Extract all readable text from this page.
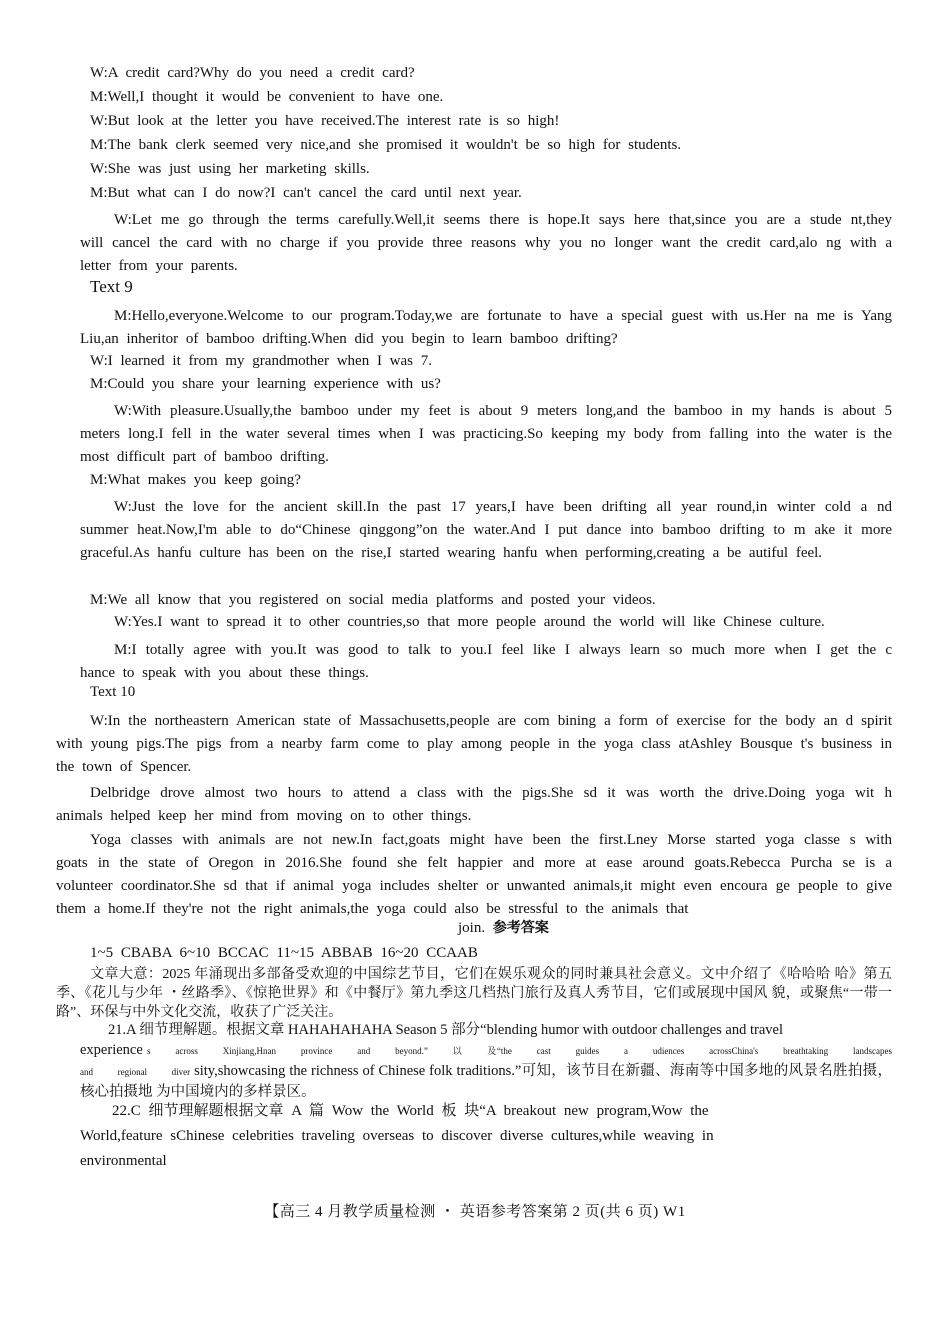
W:A credit card?Why do you need a credit card?
M:Well,I thought it would be convenient to have one.
W:But look at the letter you have received.The interest rate is so high!
M:The bank clerk seemed very nice,and she promised it wouldn't be so high for students.
W:She was just using her marketing skills.
M:But what can I do now?I can't cancel the card until next year.
W:Let me go through the terms carefully.Well,it seems there is hope.It says here that,since you are a stude nt,they will cancel the card with no charge if you provide three reasons why you no longer want the credit card,alo ng with a letter from your parents.
Text 9
M:Hello,everyone.Welcome to our program.Today,we are fortunate to have a special guest with us.Her na me is Yang Liu,an inheritor of bamboo drifting.When did you begin to learn bamboo drifting?
W:I learned it from my grandmother when I was 7.
M:Could you share your learning experience with us?
W:With pleasure.Usually,the bamboo under my feet is about 9 meters long,and the bamboo in my hands is about 5 meters long.I fell in the water several times when I was practicing.So keeping my body from falling into the water is the most difficult part of bamboo drifting.
M:What makes you keep going?
W:Just the love for the ancient skill.In the past 17 years,I have been drifting all year round,in winter cold a nd summer heat.Now,I'm able to do“Chinese qinggong”on the water.And I put dance into bamboo drifting to m ake it more graceful.As hanfu culture has been on the rise,I started wearing hanfu when performing,creating a be autiful feel.
M:We all know that you registered on social media platforms and posted your videos.
W:Yes.I want to spread it to other countries,so that more people around the world will like Chinese culture.
M:I totally agree with you.It was good to talk to you.I feel like I always learn so much more when I get the c hance to speak with you about these things.
Text 10
W:In the northeastern American state of Massachusetts,people are com bining a form of exercise for the body an d spirit with young pigs.The pigs from a nearby farm come to play among people in the yoga class atAshley Bousque t's business in the town of Spencer.
Delbridge drove almost two hours to attend a class with the pigs.She sd it was worth the drive.Doing yoga wit h animals helped keep her mind from moving on to other things.
Yoga classes with animals are not new.In fact,goats might have been the first.Lney Morse started yoga classe s with goats in the state of Oregon in 2016.She found she felt happier and more at ease around goats.Rebecca Purcha se is a volunteer coordinator.She sd that if animal yoga includes shelter or unwanted animals,it might even encoura ge people to give them a home.If they're not the right animals,the yoga could also be stressful to the animals that
join. 参考答案
1~5 CBABA 6~10 BCCAC 11~15 ABBAB 16~20 CCAAB
文章大意：2025 年涌现出多部备受欢迎的中国综艺节目，它们在娱乐观众的同时兼具社会意义。文中介绍了《哈哈哈 哈》第五季、《花儿与少年 ・丝路季》、《惊艳世界》和《中餐厅》第九季这几档热门旅行及真人秀节目，它们或展现中国风 貌，或聚焦“一带一路”、环保与中外文化交流，收获了广泛关注。
21.A 细节理解题。根据文章 HAHAHAHAHA Season 5 部分“blending humor with outdoor challenges and travel
experience s across Xinjiang,Hnan province and beyond.” 以 及“the cast guides a udiences acrossChina's breathtaking landscapes and regional diver sity,showcasing the richness of Chinese folk traditions.”可知，该节目在新疆、海南等中国多地的风景名胜拍摄，核心拍摄地 为中国境内的多样景区。
22.C 细节理解题根据文章 A 篇 Wow the World 板 块“A breakout new program,Wow the
World,feature sChinese celebrities traveling overseas to discover diverse cultures,while weaving in
environmental
【高三 4 月教学质量检测 ・ 英语参考答案第 2 页(共 6 页) W1
